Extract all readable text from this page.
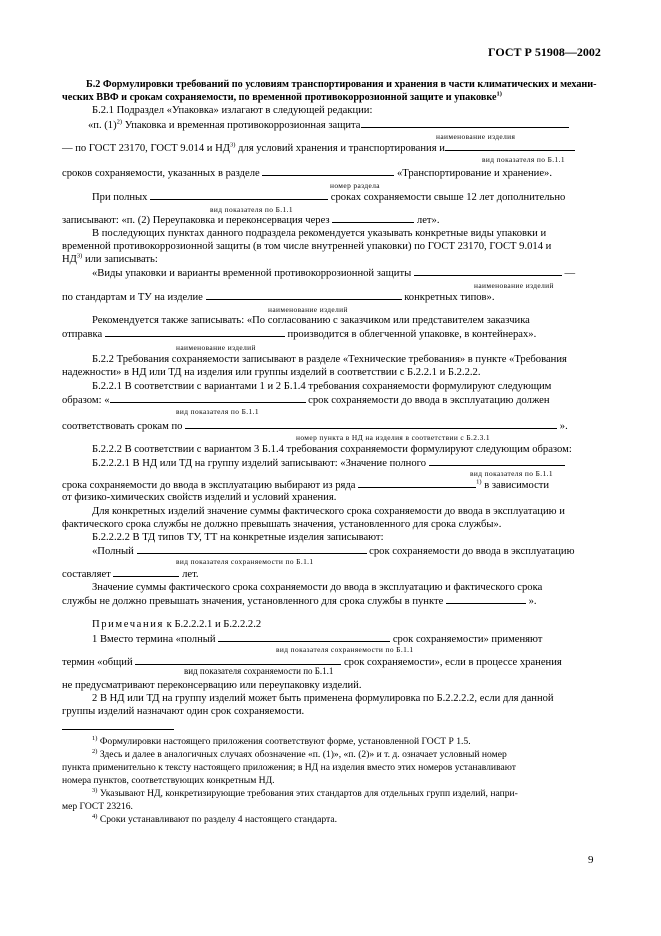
ГОСТ Р 51908—2002
Б.2 Формулировки требований по условиям транспортирования и хранения в части климатических и механи-
ческих ВВФ и срокам сохраняемости, по временной противокоррозионной защите и упаковке$^{1)}$
Б.2.1 Подраздел «Упаковка» излагают в следующей редакции:
«п. $(1)^{2)}$ Упаковка и временная противокоррозионная защита
наименование изделия
— по ГОСТ 23170, ГОСТ 9.014 и НД$^{3)}$ для условий хранения и транспортирования и
вид показателя по Б.1.1
сроков сохраняемости, указанных в разделе	«Транспортирование и хранение».
номер раздела
При полных	сроках сохраняемости свыше 12 лет дополнительно
вид показателя по Б.1.1
записывают: «п. (2) Переупаковка и переконсервация через	лет».
В последующих пунктах данного подраздела рекомендуется указывать конкретные виды упаковки и
временной противокоррозионной защиты (в том числе внутренней упаковки) по ГОСТ 23170, ГОСТ 9.014 и
НД$^{3)}$ или записывать:
«Виды упаковки и варианты временной противокоррозионной защиты	—
наименование изделий
по стандартам и ТУ на изделие	конкретных типов».
наименование изделий
Рекомендуется также записывать: «По согласованию с заказчиком или представителем заказчика
отправка	производится в облегченной упаковке, в контейнерах».
наименование изделий
Б.2.2 Требования сохраняемости записывают в разделе «Технические требования» в пункте «Требования
надежности» в НД или ТД на изделия или группы изделий в соответствии с Б.2.2.1 и Б.2.2.2.
Б.2.2.1 В соответствии с вариантами 1 и 2 Б.1.4 требования сохраняемости формулируют следующим
образом: «	срок сохраняемости до ввода в эксплуатацию должен
вид показателя по Б.1.1
соответствовать срокам по	».
номер пункта в НД на изделия в соответствии с Б.2.3.1
Б.2.2.2 В соответствии с вариантом 3 Б.1.4 требования сохраняемости формулируют следующим образом:
Б.2.2.2.1 В НД или ТД на группу изделий записывают: «Значение полного
вид показателя по Б.1.1
срока сохраняемости до ввода в эксплуатацию выбирают из ряда	$^{1)}$ в зависимости
от физико-химических свойств изделий и условий хранения.
Для конкретных изделий значение суммы фактического срока сохраняемости до ввода в эксплуатацию и
фактического срока службы не должно превышать значения, установленного для срока службы».
Б.2.2.2.2 В ТД типов ТУ, ТТ на конкретные изделия записывают:
«Полный	срок сохраняемости до ввода в эксплуатацию
вид показателя сохраняемости по Б.1.1
составляет	лет.
Значение суммы фактического срока сохраняемости до ввода в эксплуатацию и фактического срока
службы не должно превышать значения, установленного для срока службы в пункте	».
Примечания к Б.2.2.2.1 и Б.2.2.2.2
1 Вместо термина «полный	срок сохраняемости» применяют
вид показателя сохраняемости по Б.1.1
термин «общий	срок сохраняемости», если в процессе хранения
вид показателя сохраняемости по Б.1.1
не предусматривают переконсервацию или переупаковку изделий.
2 В НД или ТД на группу изделий может быть применена формулировка по Б.2.2.2.2, если для данной
группы изделий назначают один срок сохраняемости.
$^{1)}$ Формулировки настоящего приложения соответствуют форме, установленной ГОСТ Р 1.5.
$^{2)}$ Здесь и далее в аналогичных случаях обозначение «п. (1)», «п. (2)» и т. д. означает условный номер
пункта применительно к тексту настоящего приложения; в НД на изделия вместо этих номеров устанавливают
номера пунктов, соответствующих конкретным НД.
$^{3)}$ Указывают НД, конкретизирующие требования этих стандартов для отдельных групп изделий, напри-
мер ГОСТ 23216.
$^{4)}$ Сроки устанавливают по разделу 4 настоящего стандарта.
9
